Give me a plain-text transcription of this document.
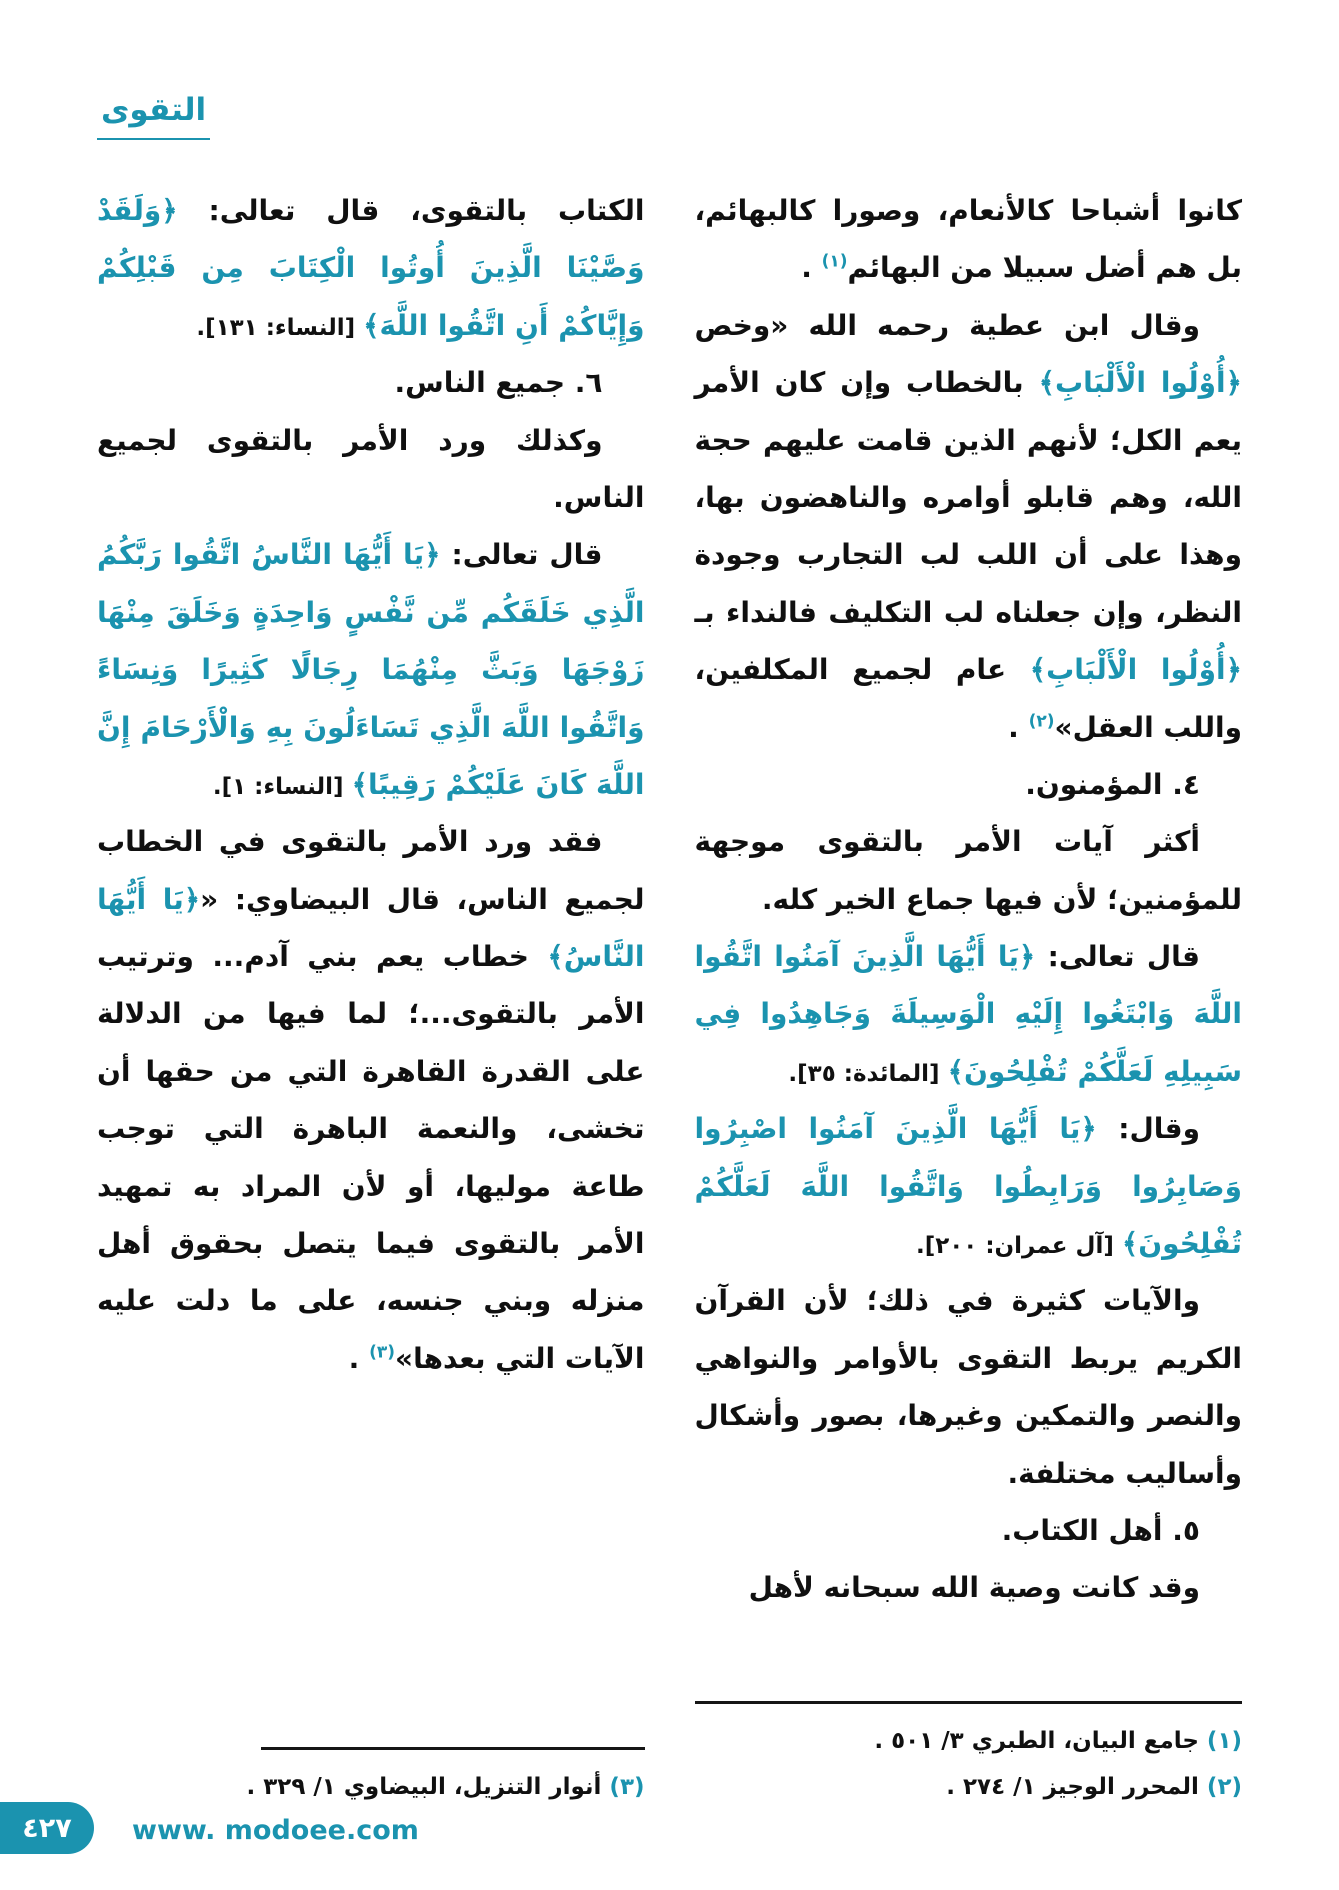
التقوى

كانوا أشباحا كالأنعام، وصورا كالبهائم، بل هم أضل سبيلا من البهائم$^{(١)}$ .

وقال ابن عطية رحمه الله «وخص ﴿أُوْلُوا الْأَلْبَابِ﴾ بالخطاب وإن كان الأمر يعم الكل؛ لأنهم الذين قامت عليهم حجة الله، وهم قابلو أوامره والناهضون بها، وهذا على أن اللب لب التجارب وجودة النظر، وإن جعلناه لب التكليف فالنداء بـ ﴿أُوْلُوا الْأَلْبَابِ﴾ عام لجميع المكلفين، واللب العقل»$^{(٢)}$ .

٤. المؤمنون.

أكثر آيات الأمر بالتقوى موجهة للمؤمنين؛ لأن فيها جماع الخير كله.

قال تعالى: ﴿يَا أَيُّهَا الَّذِينَ آمَنُوا اتَّقُوا اللَّهَ وَابْتَغُوا إِلَيْهِ الْوَسِيلَةَ وَجَاهِدُوا فِي سَبِيلِهِ لَعَلَّكُمْ تُفْلِحُونَ﴾ [المائدة: ٣٥].

وقال: ﴿يَا أَيُّهَا الَّذِينَ آمَنُوا اصْبِرُوا وَصَابِرُوا وَرَابِطُوا وَاتَّقُوا اللَّهَ لَعَلَّكُمْ تُفْلِحُونَ﴾ [آل عمران: ٢٠٠].

والآيات كثيرة في ذلك؛ لأن القرآن الكريم يربط التقوى بالأوامر والنواهي والنصر والتمكين وغيرها، بصور وأشكال وأساليب مختلفة.

٥. أهل الكتاب.

وقد كانت وصية الله سبحانه لأهل

(١) جامع البيان، الطبري ٣/ ٥٠١ .

(٢) المحرر الوجيز ١/ ٢٧٤ .

الكتاب بالتقوى، قال تعالى: ﴿وَلَقَدْ وَصَّيْنَا الَّذِينَ أُوتُوا الْكِتَابَ مِن قَبْلِكُمْ وَإِيَّاكُمْ أَنِ اتَّقُوا اللَّهَ﴾ [النساء: ١٣١].

٦. جميع الناس.

وكذلك ورد الأمر بالتقوى لجميع الناس.

قال تعالى: ﴿يَا أَيُّهَا النَّاسُ اتَّقُوا رَبَّكُمُ الَّذِي خَلَقَكُم مِّن نَّفْسٍ وَاحِدَةٍ وَخَلَقَ مِنْهَا زَوْجَهَا وَبَثَّ مِنْهُمَا رِجَالًا كَثِيرًا وَنِسَاءً وَاتَّقُوا اللَّهَ الَّذِي تَسَاءَلُونَ بِهِ وَالْأَرْحَامَ إِنَّ اللَّهَ كَانَ عَلَيْكُمْ رَقِيبًا﴾ [النساء: ١].

فقد ورد الأمر بالتقوى في الخطاب لجميع الناس، قال البيضاوي: «﴿يَا أَيُّهَا النَّاسُ﴾ خطاب يعم بني آدم... وترتيب الأمر بالتقوى...؛ لما فيها من الدلالة على القدرة القاهرة التي من حقها أن تخشى، والنعمة الباهرة التي توجب طاعة موليها، أو لأن المراد به تمهيد الأمر بالتقوى فيما يتصل بحقوق أهل منزله وبني جنسه، على ما دلت عليه الآيات التي بعدها»$^{(٣)}$ .

(٣) أنوار التنزيل، البيضاوي ١/ ٣٢٩ .

٤٢٧ www. modoee.com
